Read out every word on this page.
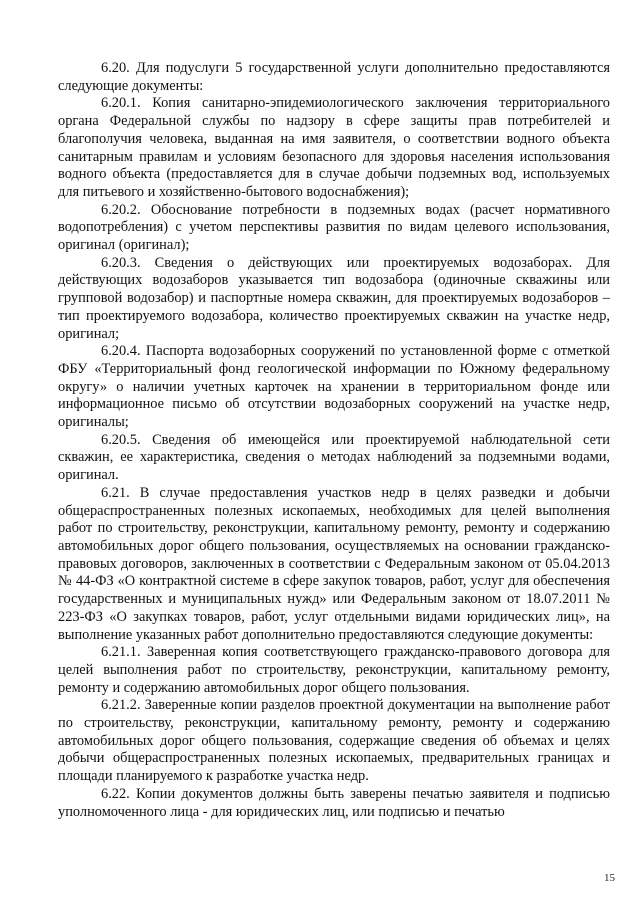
6.20. Для подуслуги 5 государственной услуги дополнительно предоставляются следующие документы:

6.20.1. Копия санитарно-эпидемиологического заключения территориального органа Федеральной службы по надзору в сфере защиты прав потребителей и благополучия человека, выданная на имя заявителя, о соответствии водного объекта санитарным правилам и условиям безопасного для здоровья населения использования водного объекта (предоставляется для в случае добычи подземных вод, используемых для питьевого и хозяйственно-бытового водоснабжения);

6.20.2. Обоснование потребности в подземных водах (расчет нормативного водопотребления) с учетом перспективы развития по видам целевого использования, оригинал (оригинал);

6.20.3. Сведения о действующих или проектируемых водозаборах. Для действующих водозаборов указывается тип водозабора (одиночные скважины или групповой водозабор) и паспортные номера скважин, для проектируемых водозаборов – тип проектируемого водозабора, количество проектируемых скважин на участке недр, оригинал;

6.20.4. Паспорта водозаборных сооружений по установленной форме с отметкой ФБУ «Территориальный фонд геологической информации по Южному федеральному округу» о наличии учетных карточек на хранении в территориальном фонде или информационное письмо об отсутствии водозаборных сооружений на участке недр, оригиналы;

6.20.5. Сведения об имеющейся или проектируемой наблюдательной сети скважин, ее характеристика, сведения о методах наблюдений за подземными водами, оригинал.

6.21. В случае предоставления участков недр в целях разведки и добычи общераспространенных полезных ископаемых, необходимых для целей выполнения работ по строительству, реконструкции, капитальному ремонту, ремонту и содержанию автомобильных дорог общего пользования, осуществляемых на основании гражданско-правовых договоров, заключенных в соответствии с Федеральным законом от 05.04.2013 № 44-ФЗ «О контрактной системе в сфере закупок товаров, работ, услуг для обеспечения государственных и муниципальных нужд» или Федеральным законом от 18.07.2011 № 223-ФЗ «О закупках товаров, работ, услуг отдельными видами юридических лиц», на выполнение указанных работ дополнительно предоставляются следующие документы:

6.21.1. Заверенная копия соответствующего гражданско-правового договора для целей выполнения работ по строительству, реконструкции, капитальному ремонту, ремонту и содержанию автомобильных дорог общего пользования.

6.21.2. Заверенные копии разделов проектной документации на выполнение работ по строительству, реконструкции, капитальному ремонту, ремонту и содержанию автомобильных дорог общего пользования, содержащие сведения об объемах и целях добычи общераспространенных полезных ископаемых, предварительных границах и площади планируемого к разработке участка недр.

6.22. Копии документов должны быть заверены печатью заявителя и подписью уполномоченного лица - для юридических лиц, или подписью и печатью

15
